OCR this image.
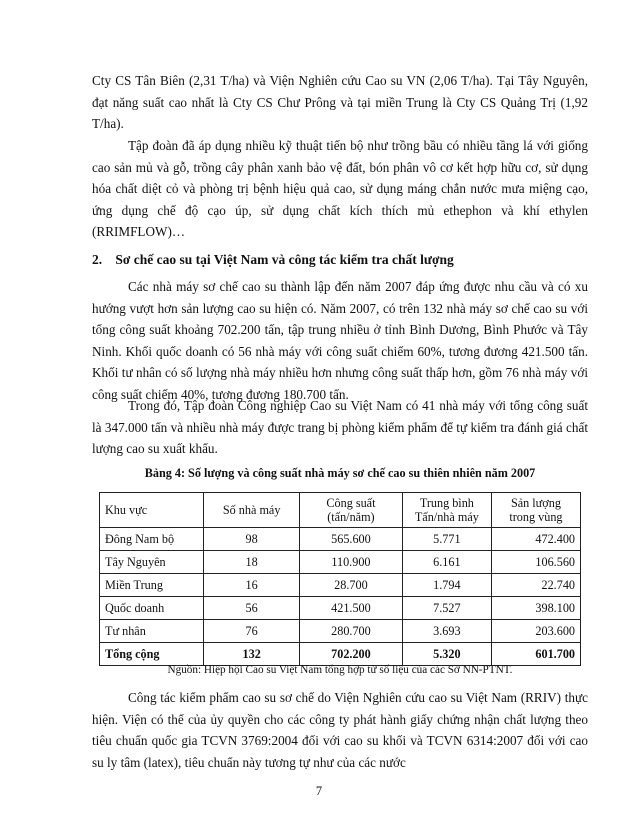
Cty CS Tân Biên (2,31 T/ha) và Viện Nghiên cứu Cao su VN (2,06 T/ha). Tại Tây Nguyên, đạt năng suất cao nhất là Cty CS Chư Prông và tại miền Trung là Cty CS Quảng Trị (1,92 T/ha).

Tập đoàn đã áp dụng nhiều kỹ thuật tiến bộ như trồng bầu có nhiều tầng lá với giống cao sản mủ và gỗ, trồng cây phân xanh bảo vệ đất, bón phân vô cơ kết hợp hữu cơ, sử dụng hóa chất diệt cỏ và phòng trị bệnh hiệu quả cao, sử dụng máng chắn nước mưa miệng cạo, ứng dụng chế độ cạo úp, sử dụng chất kích thích mủ ethephon và khí ethylen (RRIMFLOW)…

2. Sơ chế cao su tại Việt Nam và công tác kiểm tra chất lượng

Các nhà máy sơ chế cao su thành lập đến năm 2007 đáp ứng được nhu cầu và có xu hướng vượt hơn sản lượng cao su hiện có. Năm 2007, có trên 132 nhà máy sơ chế cao su với tổng công suất khoảng 702.200 tấn, tập trung nhiều ở tỉnh Bình Dương, Bình Phước và Tây Ninh. Khối quốc doanh có 56 nhà máy với công suất chiếm 60%, tương đương 421.500 tấn. Khối tư nhân có số lượng nhà máy nhiều hơn nhưng công suất thấp hơn, gồm 76 nhà máy với công suất chiếm 40%, tương đương 180.700 tấn.

Trong đó, Tập đoàn Công nghiệp Cao su Việt Nam có 41 nhà máy với tổng công suất là 347.000 tấn và nhiều nhà máy được trang bị phòng kiểm phẩm để tự kiểm tra đánh giá chất lượng cao su xuất khẩu.

Bảng 4: Số lượng và công suất nhà máy sơ chế cao su thiên nhiên năm 2007

Khu vực	Số nhà máy	Công suất (tấn/năm)	Trung bình Tấn/nhà máy	Sản lượng trong vùng
Đông Nam bộ	98	565.600	5.771	472.400
Tây Nguyên	18	110.900	6.161	106.560
Miền Trung	16	28.700	1.794	22.740
Quốc doanh	56	421.500	7.527	398.100
Tư nhân	76	280.700	3.693	203.600
Tổng cộng	132	702.200	5.320	601.700

Nguồn: Hiệp hội Cao su Việt Nam tổng hợp từ số liệu của các Sở NN-PTNT.

Công tác kiểm phẩm cao su sơ chế do Viện Nghiên cứu cao su Việt Nam (RRIV) thực hiện. Viện có thể của ủy quyền cho các công ty phát hành giấy chứng nhận chất lượng theo tiêu chuẩn quốc gia TCVN 3769:2004 đối với cao su khối và TCVN 6314:2007 đối với cao su ly tâm (latex), tiêu chuẩn này tương tự như của các nước

7
